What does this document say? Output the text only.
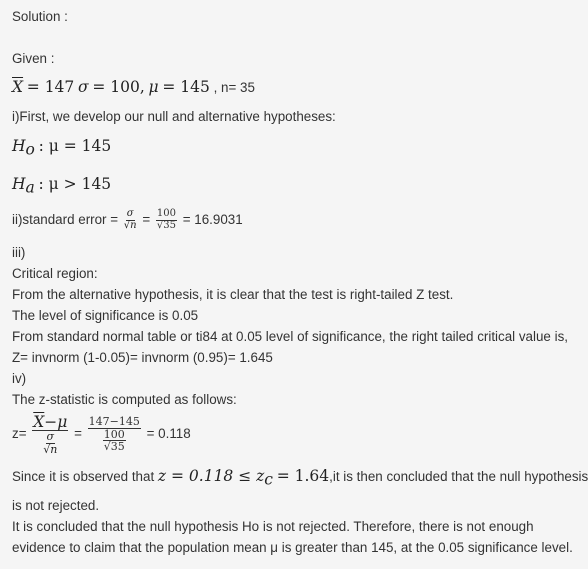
Solution :
Given :
$\overline{X} = 147$ σ = 100, μ = 145 , n= 35
i)First, we develop our null and alternative hypotheses:
$H_o$ : μ = 145
$H_a$ : μ > 145
ii)standard error = $\frac{\sigma}{√n} = \frac{100}{√35} = 16.9031$
iii)
Critical region:
From the alternative hypothesis, it is clear that the test is right-tailed Z test.
The level of significance is 0.05
From standard normal table or ti84 at 0.05 level of significance, the right tailed critical value is,
Z= invnorm (1-0.05)= invnorm (0.95)= 1.645
iv)
The z-statistic is computed as follows:
$z= \frac{\overline{X}-\mu}{\frac{\sigma}{√n}} = \frac{147-145}{\frac{100}{√35}} = 0.118$
Since it is observed that $z = 0.118 \le z_c = 1.64,it$ is then concluded that the null hypothesis
is not rejected.
It is concluded that the null hypothesis Ho is not rejected. Therefore, there is not enough
evidence to claim that the population mean μ is greater than 145, at the 0.05 significance level.
